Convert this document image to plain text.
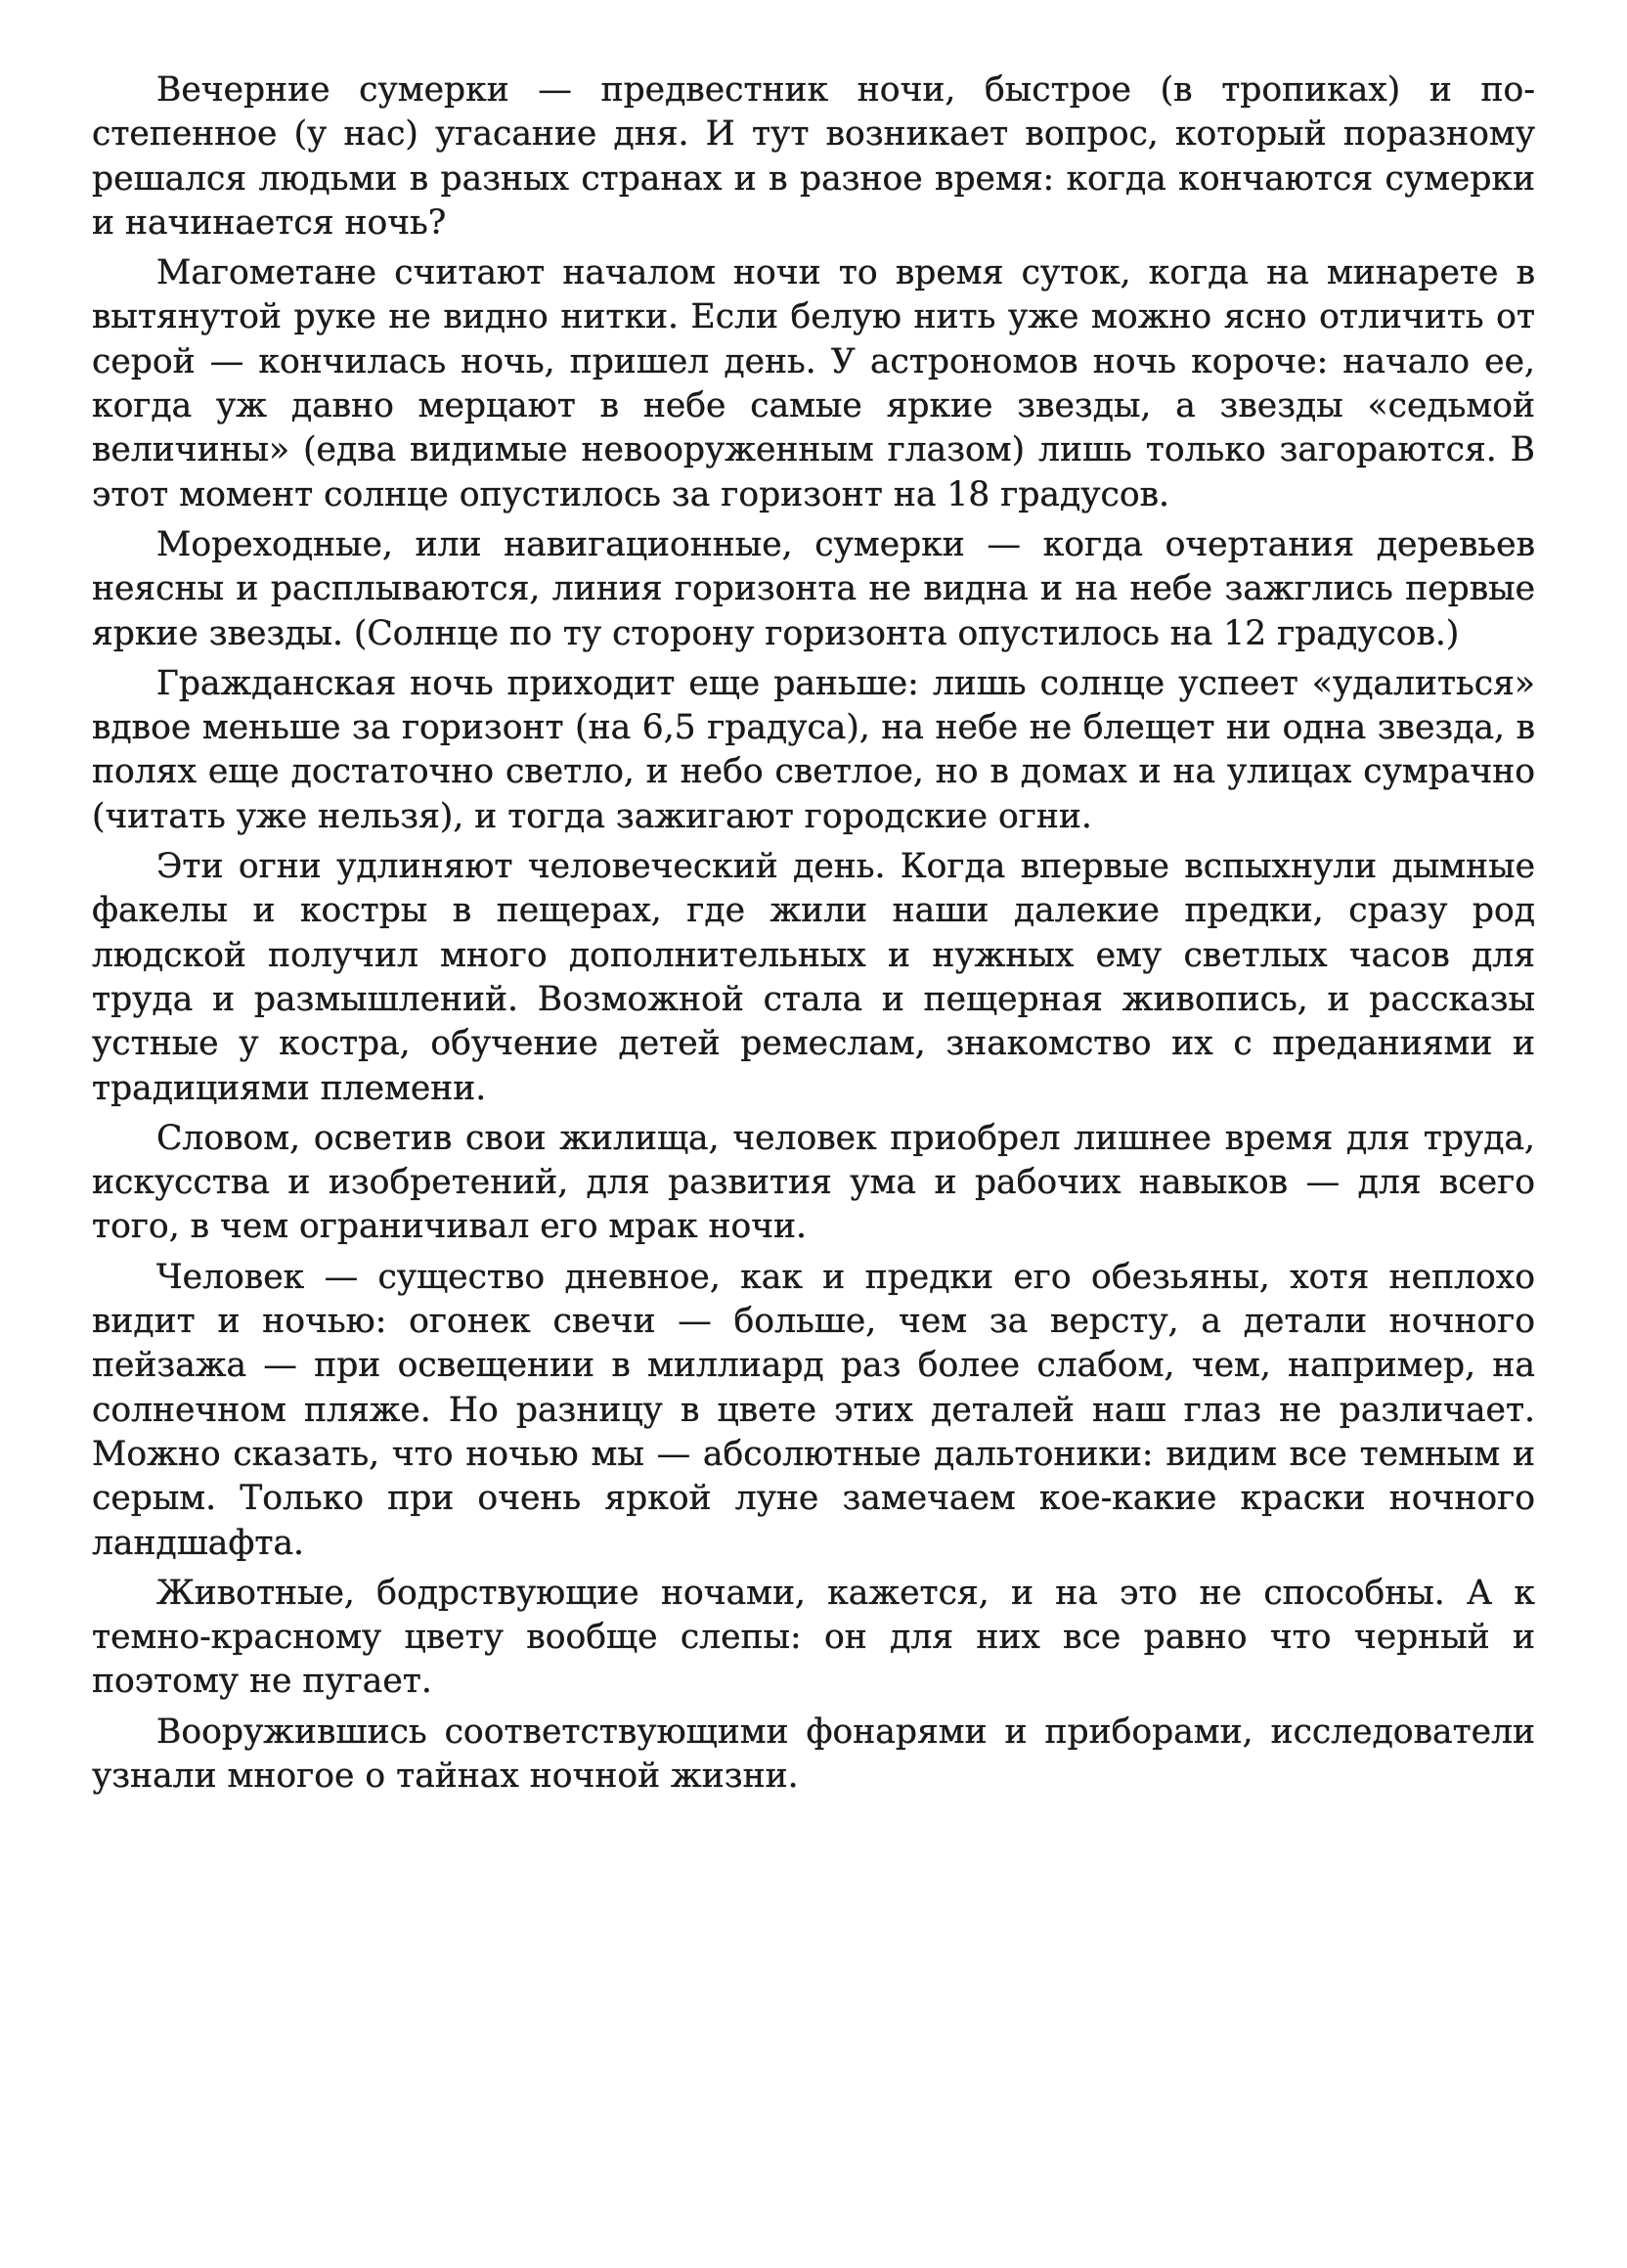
Вечерние сумерки — предвестник ночи, быстрое (в тропиках) и постепенное (у нас) угасание дня. И тут возникает вопрос, который поразному решался людьми в разных странах и в разное время: когда кончаются сумерки и начинается ночь?

Магометане считают началом ночи то время суток, когда на минарете в вытянутой руке не видно нитки. Если белую нить уже можно ясно отличить от серой — кончилась ночь, пришел день. У астрономов ночь короче: начало ее, когда уж давно мерцают в небе самые яркие звезды, а звезды «седьмой величины» (едва видимые невооруженным глазом) лишь только загораются. В этот момент солнце опустилось за горизонт на 18 градусов.

Мореходные, или навигационные, сумерки — когда очертания деревьев неясны и расплываются, линия горизонта не видна и на небе зажглись первые яркие звезды. (Солнце по ту сторону горизонта опустилось на 12 градусов.)

Гражданская ночь приходит еще раньше: лишь солнце успеет «удалиться» вдвое меньше за горизонт (на 6,5 градуса), на небе не блещет ни одна звезда, в полях еще достаточно светло, и небо светлое, но в домах и на улицах сумрачно (читать уже нельзя), и тогда зажигают городские огни.

Эти огни удлиняют человеческий день. Когда впервые вспыхнули дымные факелы и костры в пещерах, где жили наши далекие предки, сразу род людской получил много дополнительных и нужных ему светлых часов для труда и размышлений. Возможной стала и пещерная живопись, и рассказы устные у костра, обучение детей ремеслам, знакомство их с преданиями и традициями племени.

Словом, осветив свои жилища, человек приобрел лишнее время для труда, искусства и изобретений, для развития ума и рабочих навыков — для всего того, в чем ограничивал его мрак ночи.

Человек — существо дневное, как и предки его обезьяны, хотя неплохо видит и ночью: огонек свечи — больше, чем за версту, а детали ночного пейзажа — при освещении в миллиард раз более слабом, чем, например, на солнечном пляже. Но разницу в цвете этих деталей наш глаз не различает. Можно сказать, что ночью мы — абсолютные дальтоники: видим все темным и серым. Только при очень яркой луне замечаем кое-какие краски ночного ландшафта.

Животные, бодрствующие ночами, кажется, и на это не способны. А к темно-красному цвету вообще слепы: он для них все равно что черный и поэтому не пугает.

Вооружившись соответствующими фонарями и приборами, исследователи узнали многое о тайнах ночной жизни.
